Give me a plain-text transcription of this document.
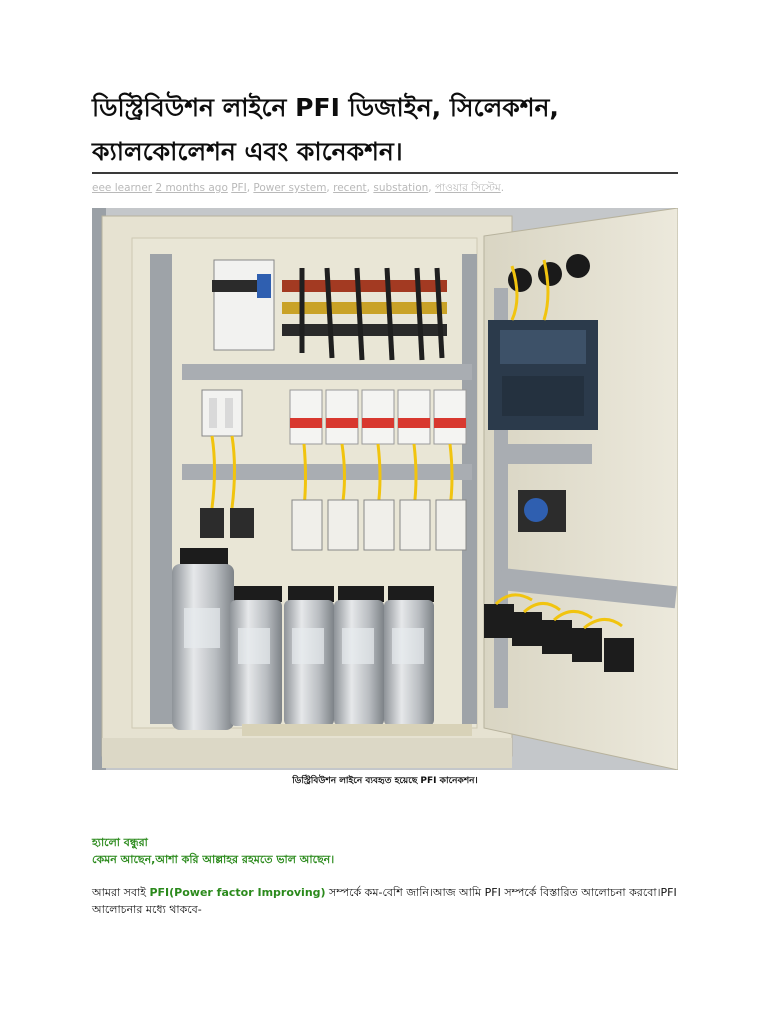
ডিস্ট্রিবিউশন লাইনে PFI ডিজাইন, সিলেকশন,
ক্যালকোলেশন এবং কানেকশন।
eee learner 2 months ago PFI, Power system, recent, substation, পাওয়ার সিস্টেম.
ডিস্ট্রিবিউশন লাইনে ব্যবহৃত হয়েছে PFI কানেকশন।
হ্যালো বন্ধুরা
কেমন আছেন,আশা করি আল্লাহর রহমতে ভাল আছেন।
আমরা সবাই PFI(Power factor Improving) সম্পর্কে কম-বেশি জানি।আজ আমি PFI সম্পর্কে বিস্তারিত আলোচনা করবো।PFI আলোচনার মধ্যে থাকবে-
